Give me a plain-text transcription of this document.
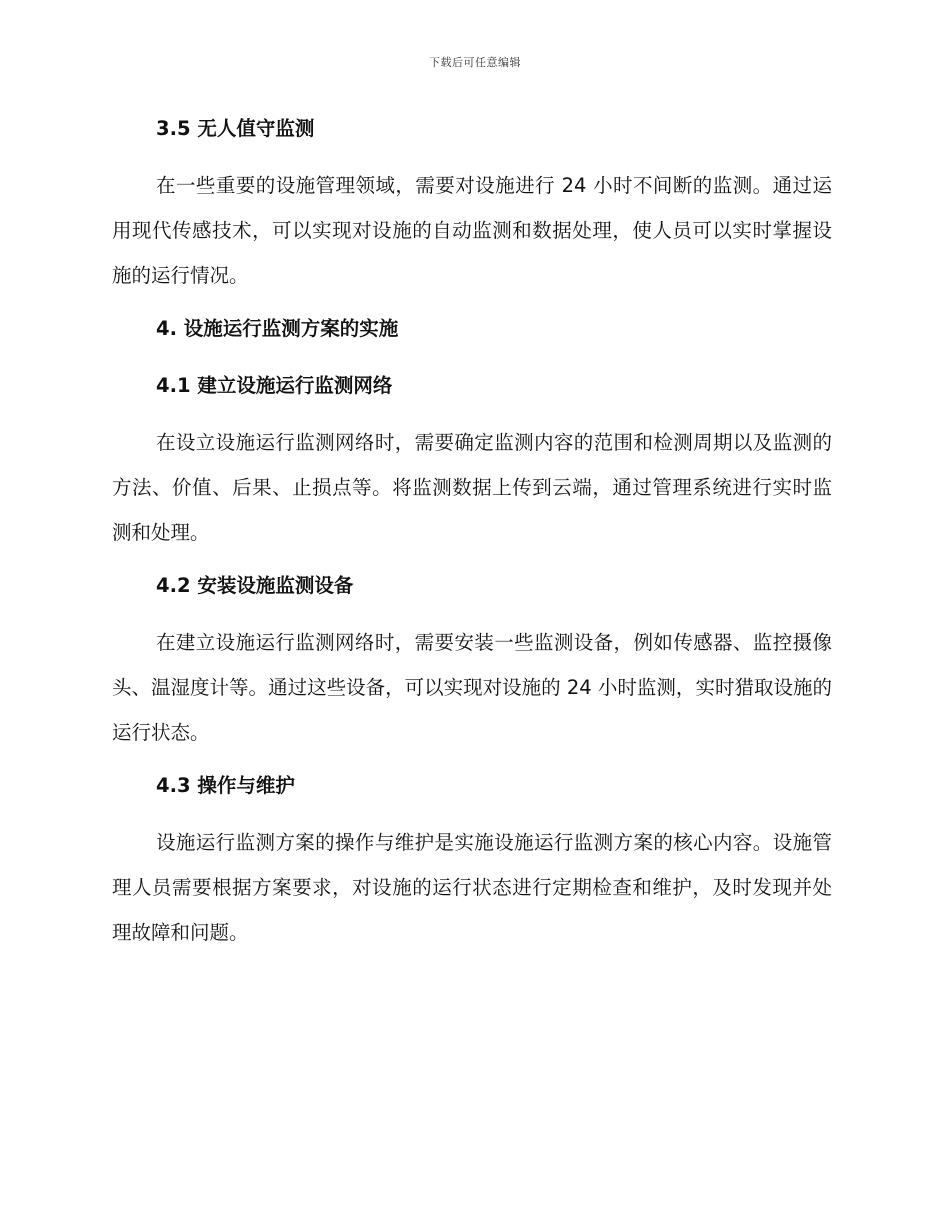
下载后可任意编辑
3.5 无人值守监测

在一些重要的设施管理领域，需要对设施进行 24 小时不间断的监测。通过运用现代传感技术，可以实现对设施的自动监测和数据处理，使人员可以实时掌握设施的运行情况。

4. 设施运行监测方案的实施
4.1 建立设施运行监测网络

在设立设施运行监测网络时，需要确定监测内容的范围和检测周期以及监测的方法、价值、后果、止损点等。将监测数据上传到云端，通过管理系统进行实时监测和处理。

4.2 安装设施监测设备

在建立设施运行监测网络时，需要安装一些监测设备，例如传感器、监控摄像头、温湿度计等。通过这些设备，可以实现对设施的 24 小时监测，实时猎取设施的运行状态。

4.3 操作与维护

设施运行监测方案的操作与维护是实施设施运行监测方案的核心内容。设施管理人员需要根据方案要求，对设施的运行状态进行定期检查和维护，及时发现并处理故障和问题。
